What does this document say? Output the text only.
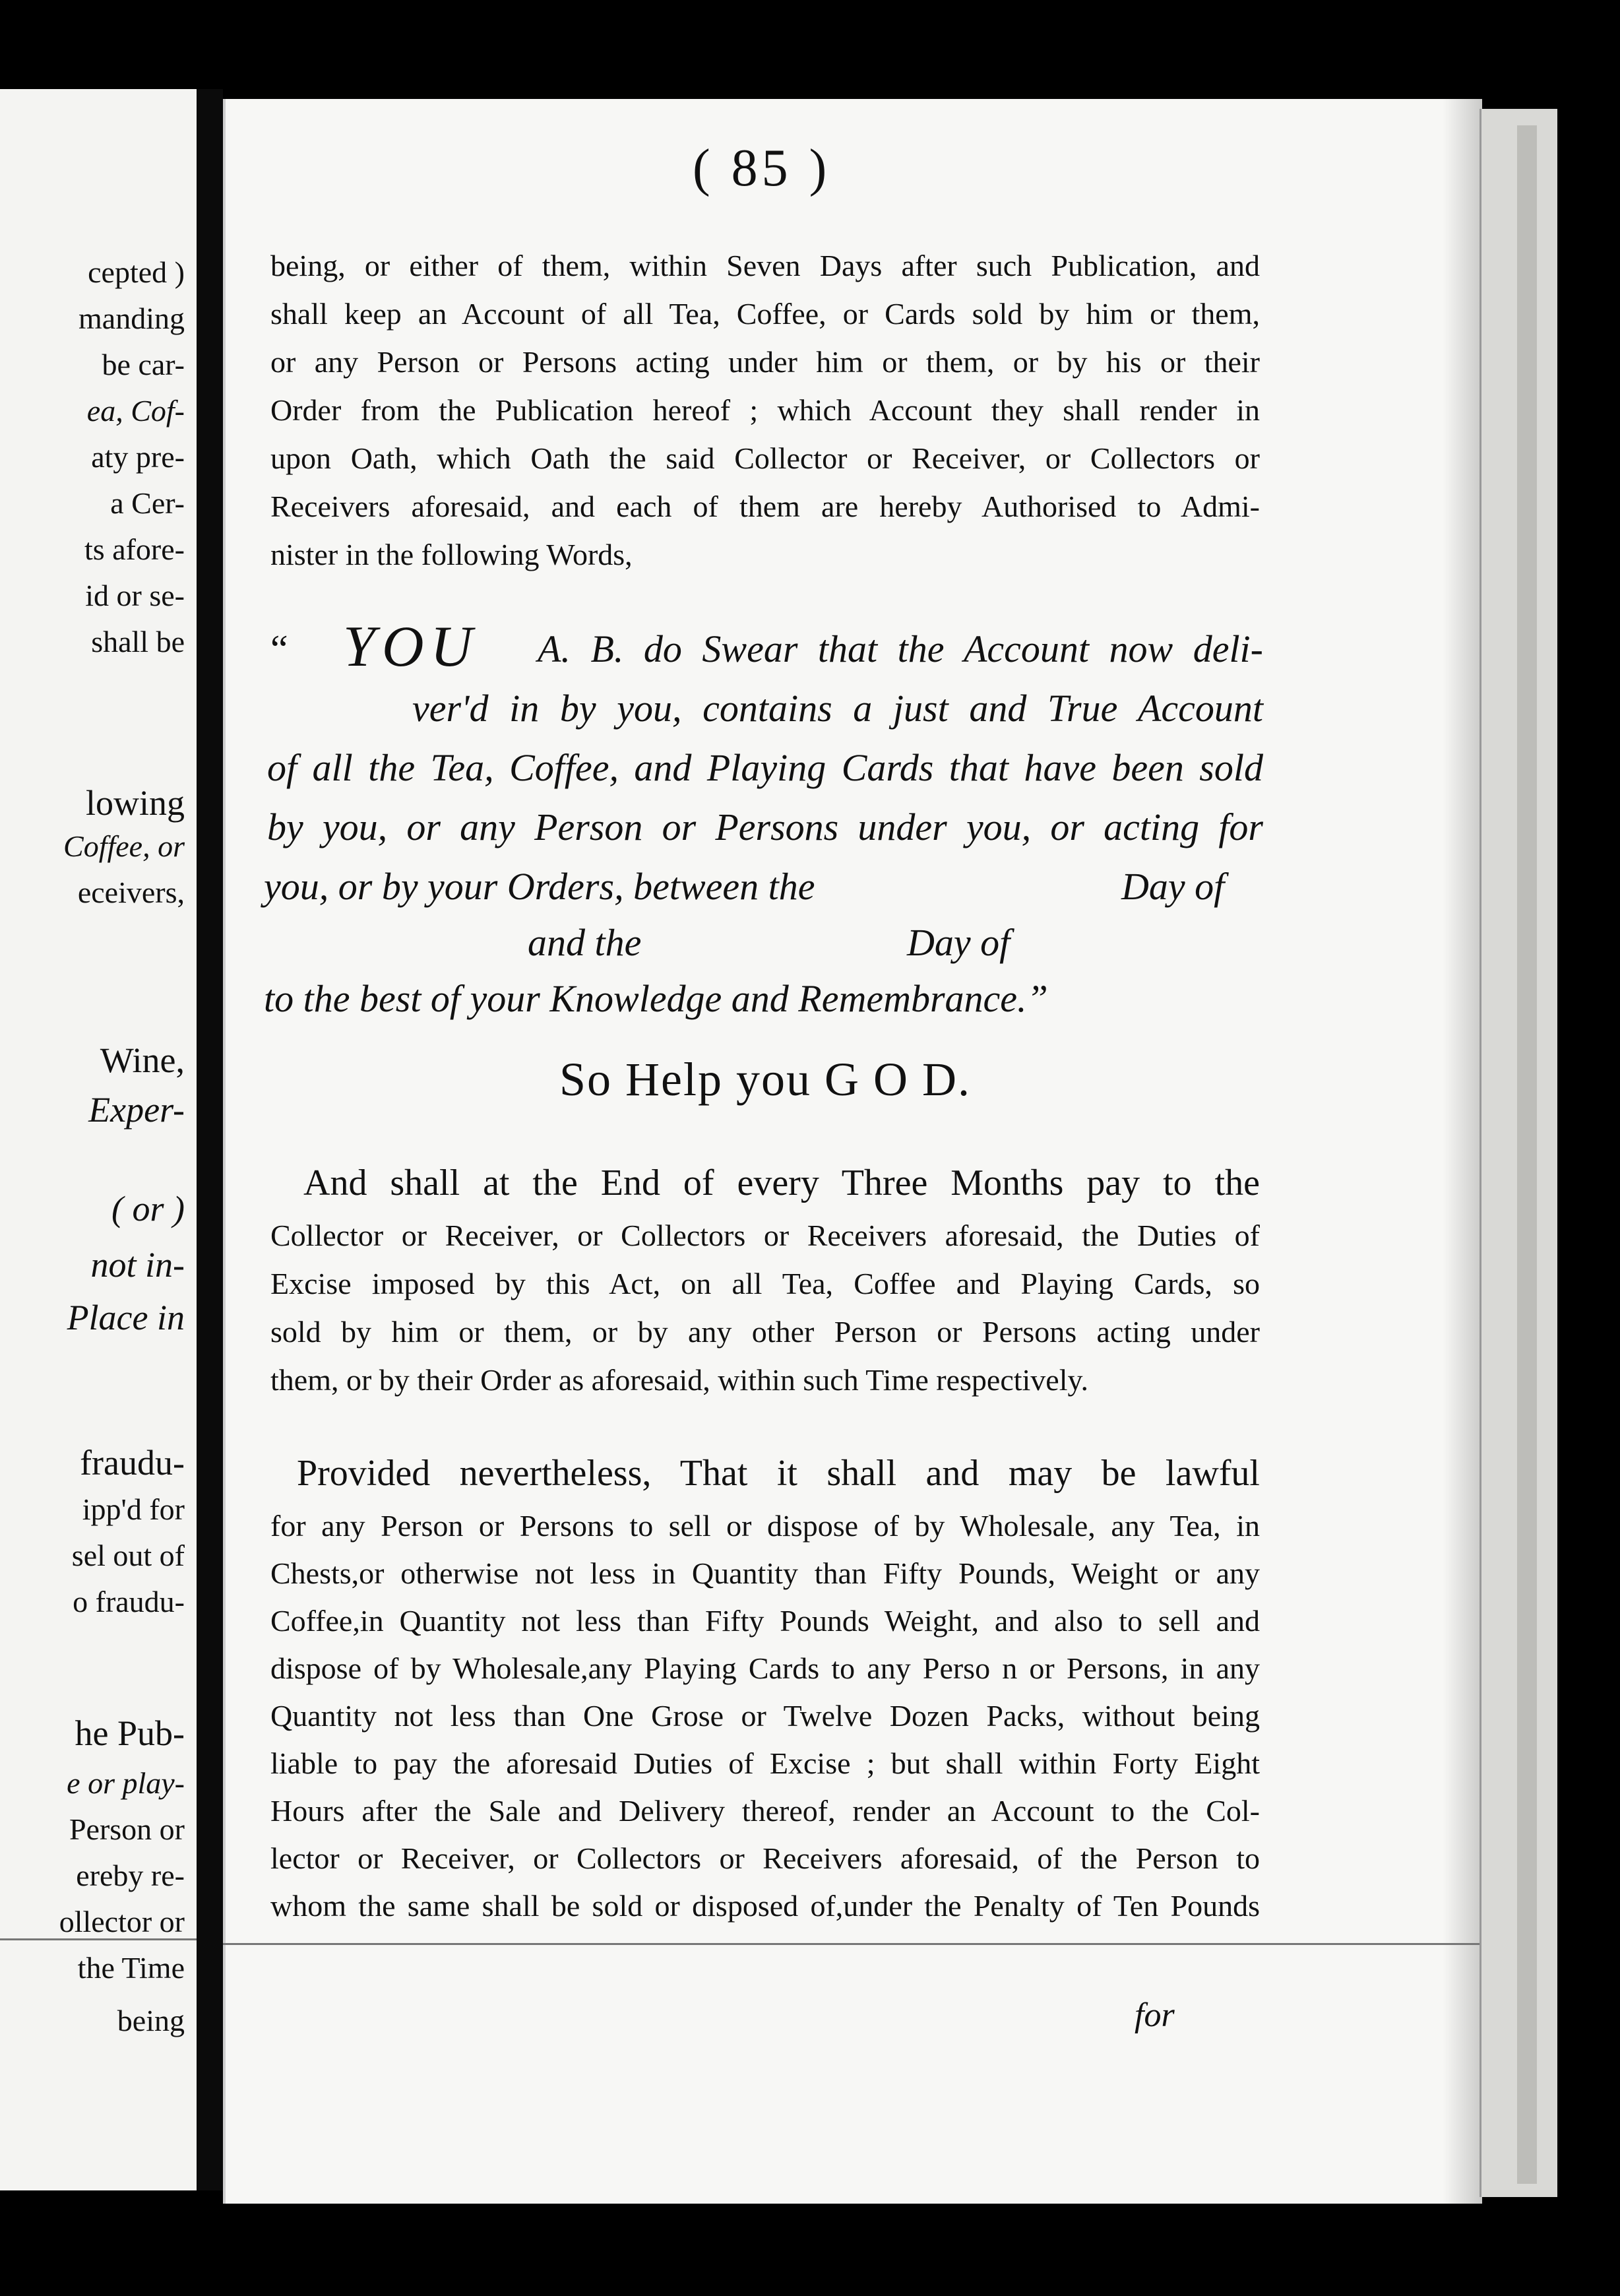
cepted )
manding
be car-
ea, Cof-
aty pre-
a Cer-
ts afore-
id or se-
shall be
lowing
Coffee, or
eceivers,
Wine,
Exper-
( or )
not in-
Place in
fraudu-
ipp'd for
sel out of
o fraudu-
he Pub-
e or play-
Person or
ereby re-
ollector or
the Time
being
( 85 )
being, or either of them, within Seven Days after such Publication, and
shall keep an Account of all Tea, Coffee, or Cards sold by him or them,
or any Person or Persons acting under him or them, or by his or their
Order from the Publication hereof ; which Account they shall render in
upon Oath, which Oath the said Collector or Receiver, or Collectors or
Receivers aforesaid, and each of them are hereby Authorised to Admi-
nister in the following Words,
“ YOU A. B. do Swear that the Account now deli-
ver'd in by you, contains a just and True Account
of all the Tea, Coffee, and Playing Cards that have been sold
by you, or any Person or Persons under you, or acting for
you, or by your Orders, between the	Day of
and the	Day of
to the best of your Knowledge and Remembrance.”
So Help you G O D.
And shall at the End of every Three Months pay to the
Collector or Receiver, or Collectors or Receivers aforesaid, the Duties of
Excise imposed by this Act, on all Tea, Coffee and Playing Cards, so
sold by him or them, or by any other Person or Persons acting under
them, or by their Order as aforesaid, within such Time respectively.
Provided nevertheless, That it shall and may be lawful
for any Person or Persons to sell or dispose of by Wholesale, any Tea, in
Chests,or otherwise not less in Quantity than Fifty Pounds, Weight or any
Coffee,in Quantity not less than Fifty Pounds Weight, and also to sell and
dispose of by Wholesale,any Playing Cards to any Perso n or Persons, in any
Quantity not less than One Grose or Twelve Dozen Packs, without being
liable to pay the aforesaid Duties of Excise ; but shall within Forty Eight
Hours after the Sale and Delivery thereof, render an Account to the Col-
lector or Receiver, or Collectors or Receivers aforesaid, of the Person to
whom the same shall be sold or disposed of,under the Penalty of Ten Pounds
for
